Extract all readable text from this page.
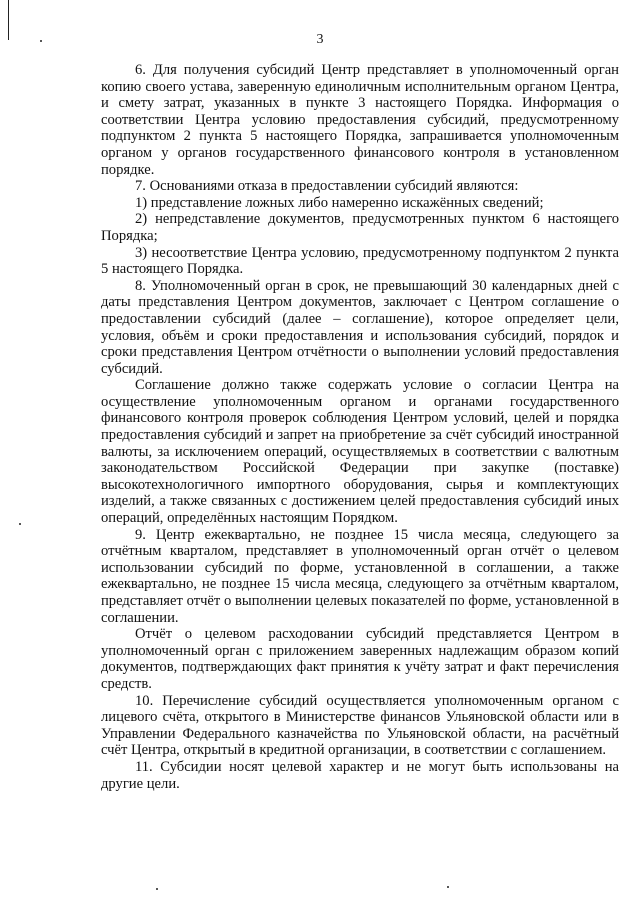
3

6. Для получения субсидий Центр представляет в уполномоченный орган копию своего устава, заверенную единоличным исполнительным органом Центра, и смету затрат, указанных в пункте 3 настоящего Порядка. Информация о соответствии Центра условию предоставления субсидий, предусмотренному подпунктом 2 пункта 5 настоящего Порядка, запрашивается уполномоченным органом у органов государственного финансового контроля в установленном порядке.

7. Основаниями отказа в предоставлении субсидий являются:

1) представление ложных либо намеренно искажённых сведений;

2) непредставление документов, предусмотренных пунктом 6 настоящего Порядка;

3) несоответствие Центра условию, предусмотренному подпунктом 2 пункта 5 настоящего Порядка.

8. Уполномоченный орган в срок, не превышающий 30 календарных дней с даты представления Центром документов, заключает с Центром соглашение о предоставлении субсидий (далее – соглашение), которое определяет цели, условия, объём и сроки предоставления и использования субсидий, порядок и сроки представления Центром отчётности о выполнении условий предоставления субсидий.

Соглашение должно также содержать условие о согласии Центра на осуществление уполномоченным органом и органами государственного финансового контроля проверок соблюдения Центром условий, целей и порядка предоставления субсидий и запрет на приобретение за счёт субсидий иностранной валюты, за исключением операций, осуществляемых в соответствии с валютным законодательством Российской Федерации при закупке (поставке) высокотехнологичного импортного оборудования, сырья и комплектующих изделий, а также связанных с достижением целей предоставления субсидий иных операций, определённых настоящим Порядком.

9. Центр ежеквартально, не позднее 15 числа месяца, следующего за отчётным кварталом, представляет в уполномоченный орган отчёт о целевом использовании субсидий по форме, установленной в соглашении, а также ежеквартально, не позднее 15 числа месяца, следующего за отчётным кварталом, представляет отчёт о выполнении целевых показателей по форме, установленной в соглашении.

Отчёт о целевом расходовании субсидий представляется Центром в уполномоченный орган с приложением заверенных надлежащим образом копий документов, подтверждающих факт принятия к учёту затрат и факт перечисления средств.

10. Перечисление субсидий осуществляется уполномоченным органом с лицевого счёта, открытого в Министерстве финансов Ульяновской области или в Управлении Федерального казначейства по Ульяновской области, на расчётный счёт Центра, открытый в кредитной организации, в соответствии с соглашением.

11. Субсидии носят целевой характер и не могут быть использованы на другие цели.
